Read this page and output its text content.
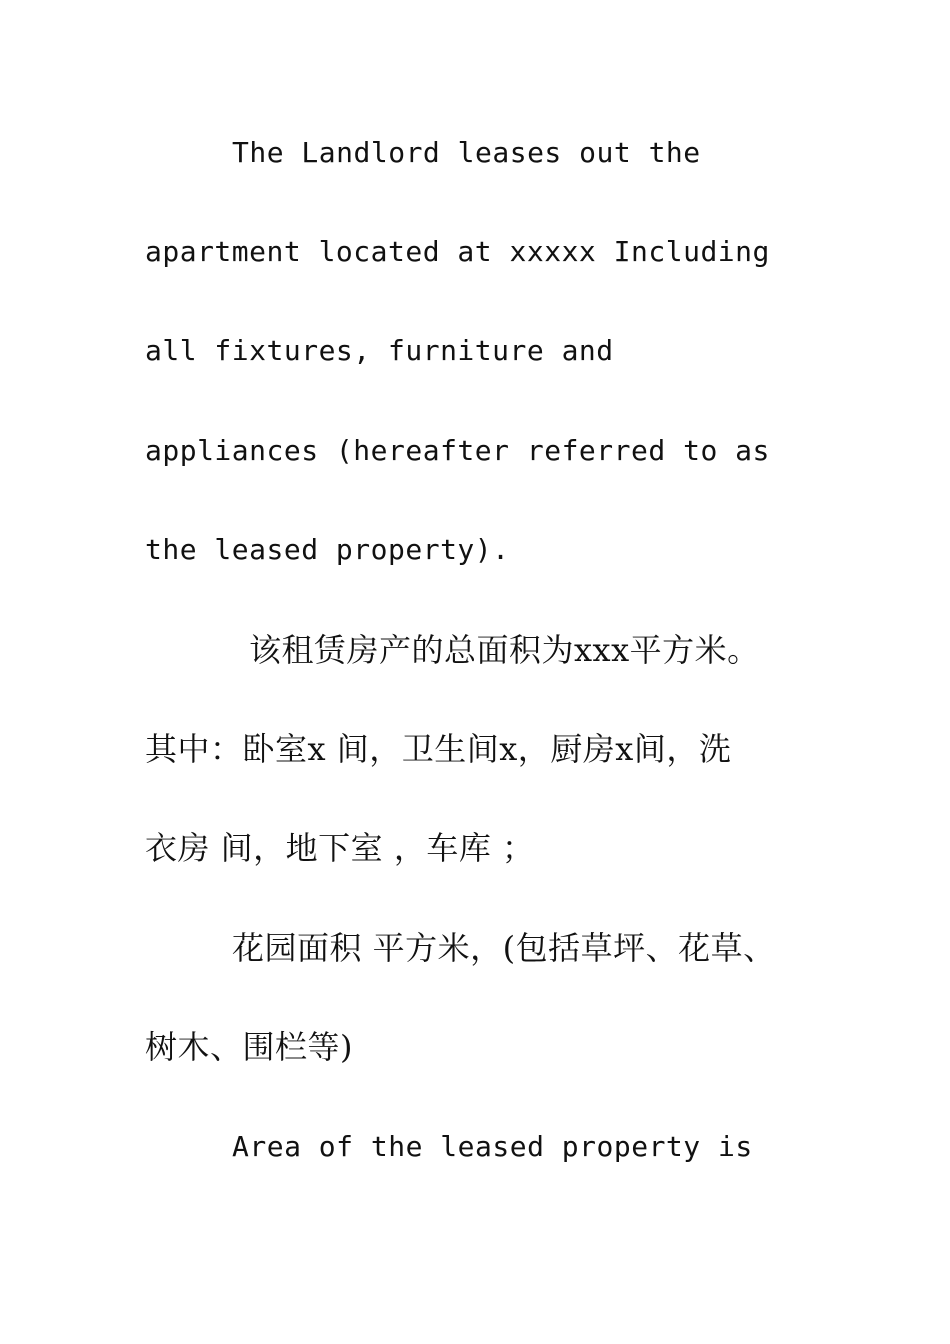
The Landlord leases out the
apartment located at xxxxx Including
all fixtures, furniture and
appliances (hereafter referred to as
the leased property).
该租赁房产的总面积为xxx平方米。
其中：卧室x 间，卫生间x，厨房x间，洗
衣房 间，地下室 ，车库 ；
花园面积 平方米，(包括草坪、花草、
树木、围栏等)
Area of the leased property is
